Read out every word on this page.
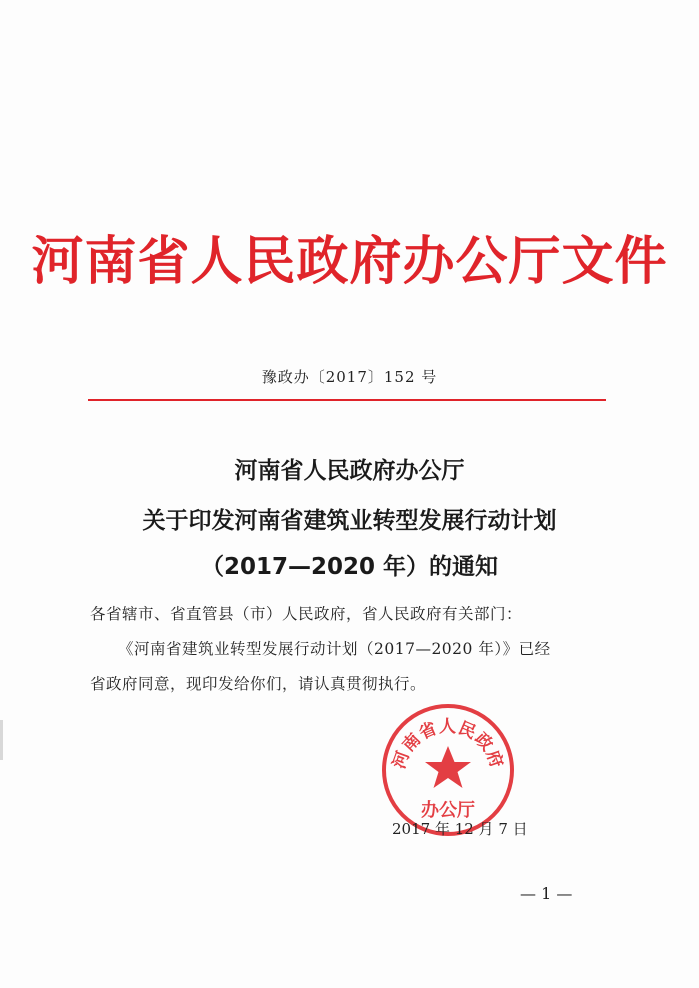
河南省人民政府办公厅文件
豫政办〔2017〕152 号
河南省人民政府办公厅
关于印发河南省建筑业转型发展行动计划
（2017—2020 年）的通知
各省辖市、省直管县（市）人民政府，省人民政府有关部门：
《河南省建筑业转型发展行动计划（2017—2020 年）》已经
省政府同意，现印发给你们，请认真贯彻执行。
河南省人民政府
办公厅
2017 年 12 月 7 日
— 1 —
